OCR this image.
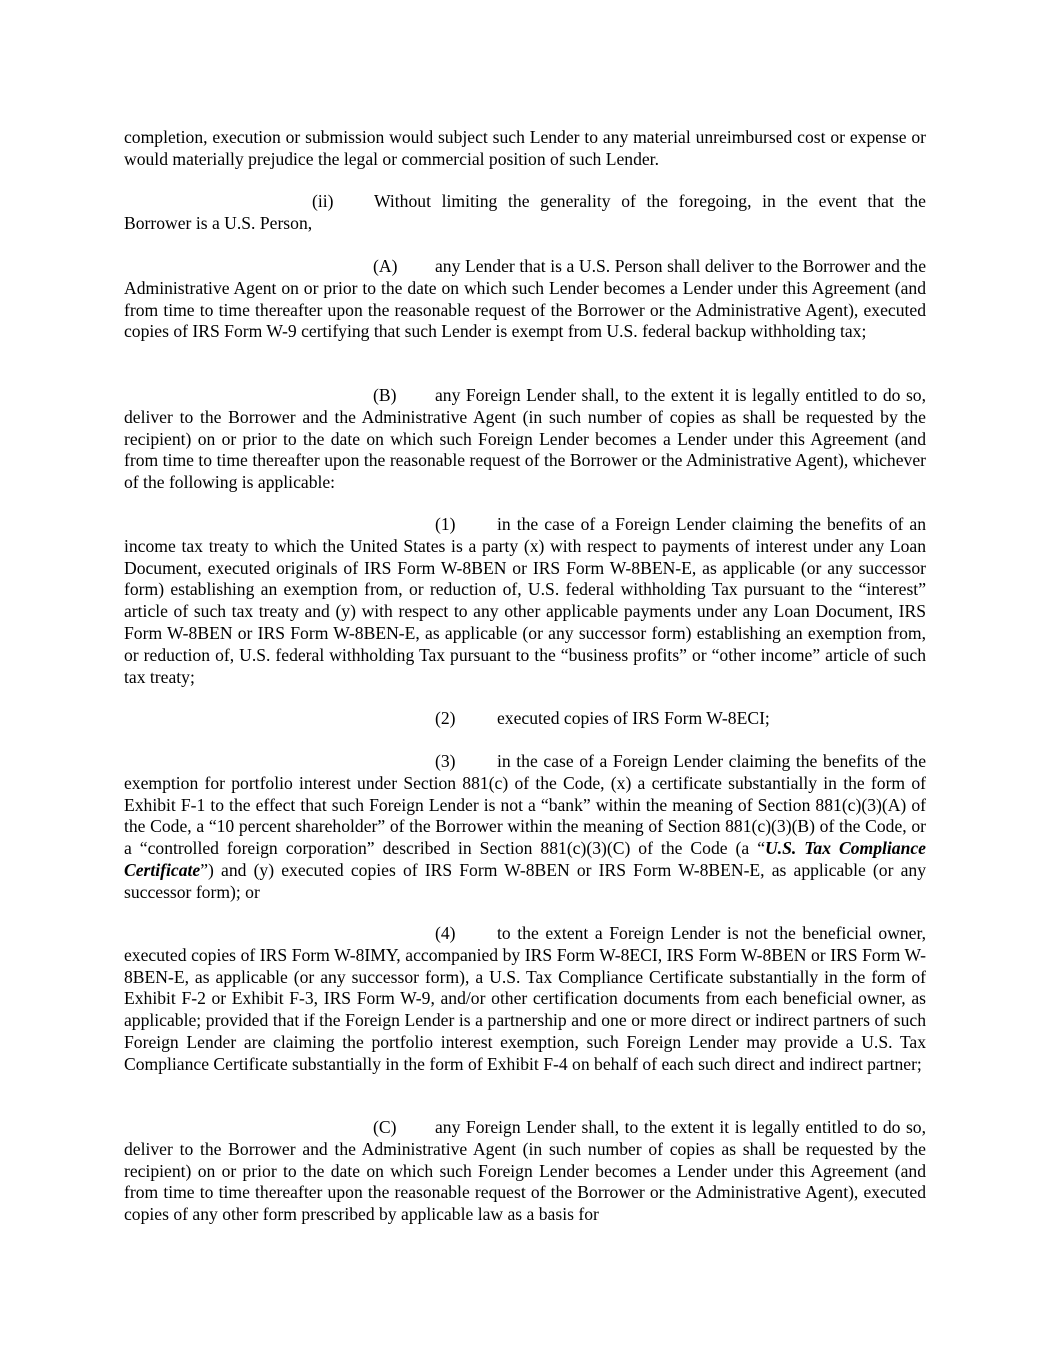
completion, execution or submission would subject such Lender to any material unreimbursed cost or expense or would materially prejudice the legal or commercial position of such Lender.

(ii) Without limiting the generality of the foregoing, in the event that the Borrower is a U.S. Person,

(A) any Lender that is a U.S. Person shall deliver to the Borrower and the Administrative Agent on or prior to the date on which such Lender becomes a Lender under this Agreement (and from time to time thereafter upon the reasonable request of the Borrower or the Administrative Agent), executed copies of IRS Form W-9 certifying that such Lender is exempt from U.S. federal backup withholding tax;

(B) any Foreign Lender shall, to the extent it is legally entitled to do so, deliver to the Borrower and the Administrative Agent (in such number of copies as shall be requested by the recipient) on or prior to the date on which such Foreign Lender becomes a Lender under this Agreement (and from time to time thereafter upon the reasonable request of the Borrower or the Administrative Agent), whichever of the following is applicable:

(1) in the case of a Foreign Lender claiming the benefits of an income tax treaty to which the United States is a party (x) with respect to payments of interest under any Loan Document, executed originals of IRS Form W-8BEN or IRS Form W-8BEN-E, as applicable (or any successor form) establishing an exemption from, or reduction of, U.S. federal withholding Tax pursuant to the “interest” article of such tax treaty and (y) with respect to any other applicable payments under any Loan Document, IRS Form W-8BEN or IRS Form W-8BEN-E, as applicable (or any successor form) establishing an exemption from, or reduction of, U.S. federal withholding Tax pursuant to the “business profits” or “other income” article of such tax treaty;

(2) executed copies of IRS Form W-8ECI;

(3) in the case of a Foreign Lender claiming the benefits of the exemption for portfolio interest under Section 881(c) of the Code, (x) a certificate substantially in the form of Exhibit F-1 to the effect that such Foreign Lender is not a “bank” within the meaning of Section 881(c)(3)(A) of the Code, a “10 percent shareholder” of the Borrower within the meaning of Section 881(c)(3)(B) of the Code, or a “controlled foreign corporation” described in Section 881(c)(3)(C) of the Code (a “U.S. Tax Compliance Certificate”) and (y) executed copies of IRS Form W-8BEN or IRS Form W-8BEN-E, as applicable (or any successor form); or

(4) to the extent a Foreign Lender is not the beneficial owner, executed copies of IRS Form W-8IMY, accompanied by IRS Form W-8ECI, IRS Form W-8BEN or IRS Form W-8BEN-E, as applicable (or any successor form), a U.S. Tax Compliance Certificate substantially in the form of Exhibit F-2 or Exhibit F-3, IRS Form W-9, and/or other certification documents from each beneficial owner, as applicable; provided that if the Foreign Lender is a partnership and one or more direct or indirect partners of such Foreign Lender are claiming the portfolio interest exemption, such Foreign Lender may provide a U.S. Tax Compliance Certificate substantially in the form of Exhibit F-4 on behalf of each such direct and indirect partner;

(C) any Foreign Lender shall, to the extent it is legally entitled to do so, deliver to the Borrower and the Administrative Agent (in such number of copies as shall be requested by the recipient) on or prior to the date on which such Foreign Lender becomes a Lender under this Agreement (and from time to time thereafter upon the reasonable request of the Borrower or the Administrative Agent), executed copies of any other form prescribed by applicable law as a basis for
